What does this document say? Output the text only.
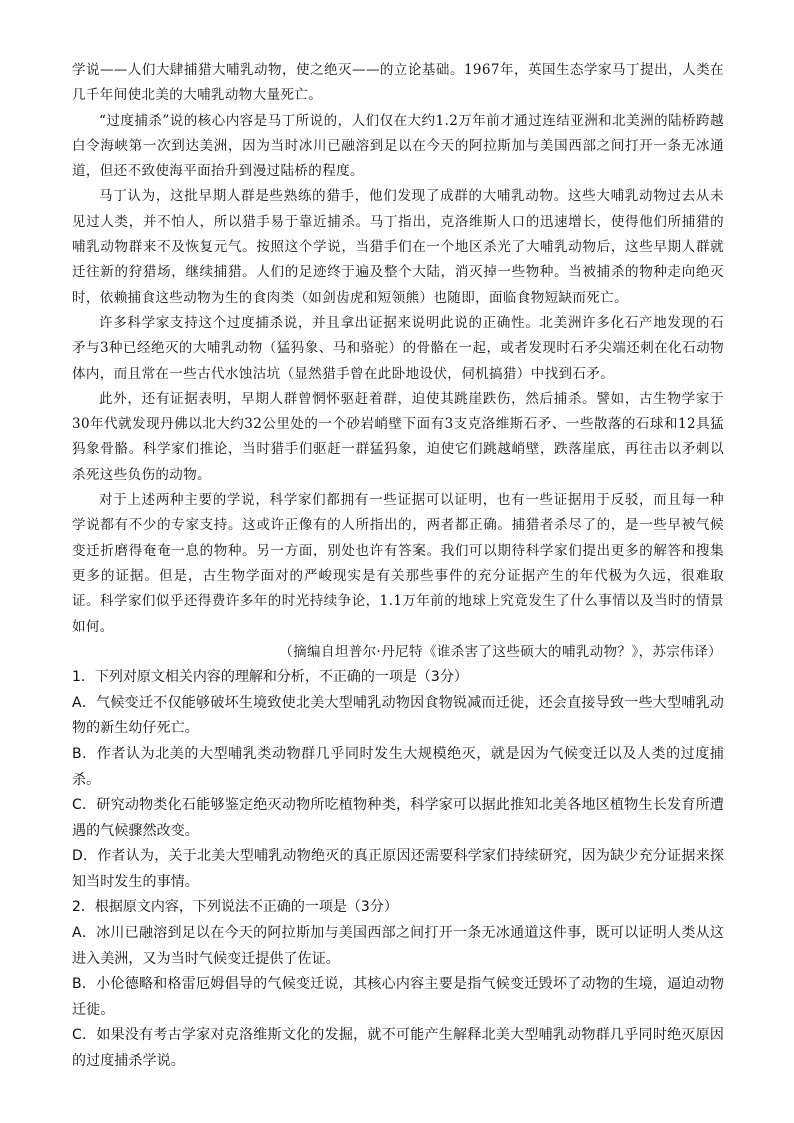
学说——人们大肆捕猎大哺乳动物，使之绝灭——的立论基础。1967年，英国生态学家马丁提出，人类在几千年间使北美的大哺乳动物大量死亡。

“过度捕杀”说的核心内容是马丁所说的，人们仅在大约1.2万年前才通过连结亚洲和北美洲的陆桥跨越白令海峡第一次到达美洲，因为当时冰川已融溶到足以在今天的阿拉斯加与美国西部之间打开一条无冰通道，但还不致使海平面抬升到漫过陆桥的程度。

马丁认为，这批早期人群是些熟练的猎手，他们发现了成群的大哺乳动物。这些大哺乳动物过去从未见过人类，并不怕人，所以猎手易于靠近捕杀。马丁指出，克洛维斯人口的迅速增长，使得他们所捕猎的哺乳动物群来不及恢复元气。按照这个学说，当猎手们在一个地区杀光了大哺乳动物后，这些早期人群就迁往新的狩猎场，继续捕猎。人们的足迹终于遍及整个大陆，消灭掉一些物种。当被捕杀的物种走向绝灭时，依赖捕食这些动物为生的食肉类（如剑齿虎和短领熊）也随即，面临食物短缺而死亡。

许多科学家支持这个过度捕杀说，并且拿出证据来说明此说的正确性。北美洲许多化石产地发现的石矛与3种已经绝灭的大哺乳动物（猛犸象、马和骆驼）的骨骼在一起，或者发现时石矛尖端还刺在化石动物体内，而且常在一些古代水蚀沽坑（显然猎手曾在此卧地设伏，伺机搞猎）中找到石矛。

此外，还有证据表明，早期人群曾惘怀驱赶着群，迫使其跳崖跌伤，然后捕杀。譬如，古生物学家于30年代就发现丹佛以北大约32公里处的一个砂岩峭壁下面有3支克洛维斯石矛、一些散落的石球和12具猛犸象骨骼。科学家们推论，当时猎手们驱赶一群猛犸象，迫使它们跳越峭壁，跌落崖底，再往击以矛刺以杀死这些负伤的动物。

对于上述两种主要的学说，科学家们都拥有一些证据可以证明，也有一些证据用于反驳，而且每一种学说都有不少的专家支持。这或许正像有的人所指出的，两者都正确。捕猎者杀尽了的，是一些早被气候变迁折磨得奄奄一息的物种。另一方面，别处也许有答案。我们可以期待科学家们提出更多的解答和搜集更多的证据。但是，古生物学面对的严峻现实是有关那些事件的充分证据产生的年代极为久远，很难取证。科学家们似乎还得费许多年的时光持续争论，1.1万年前的地球上究竟发生了什么事情以及当时的情景如何。

（摘编自坦普尔·丹尼特《谁杀害了这些硕大的哺乳动物？》，苏宗伟译）

1．下列对原文相关内容的理解和分析，不正确的一项是（3分）

A．气候变迁不仅能够破坏生境致使北美大型哺乳动物因食物锐减而迁徙，还会直接导致一些大型哺乳动物的新生幼仔死亡。

B．作者认为北美的大型哺乳类动物群几乎同时发生大规模绝灭，就是因为气候变迁以及人类的过度捕杀。

C．研究动物类化石能够鉴定绝灭动物所吃植物种类，科学家可以据此推知北美各地区植物生长发育所遭遇的气候骤然改变。

D．作者认为，关于北美大型哺乳动物绝灭的真正原因还需要科学家们持续研究，因为缺少充分证据来探知当时发生的事情。

2．根据原文内容，下列说法不正确的一项是（3分）

A．冰川已融溶到足以在今天的阿拉斯加与美国西部之间打开一条无冰通道这件事，既可以证明人类从这进入美洲，又为当时气候变迁提供了佐证。

B．小伦德略和格雷厄姆倡导的气候变迁说，其核心内容主要是指气候变迁毁坏了动物的生境，逼迫动物迁徙。

C．如果没有考古学家对克洛维斯文化的发掘，就不可能产生解释北美大型哺乳动物群几乎同时绝灭原因的过度捕杀学说。
